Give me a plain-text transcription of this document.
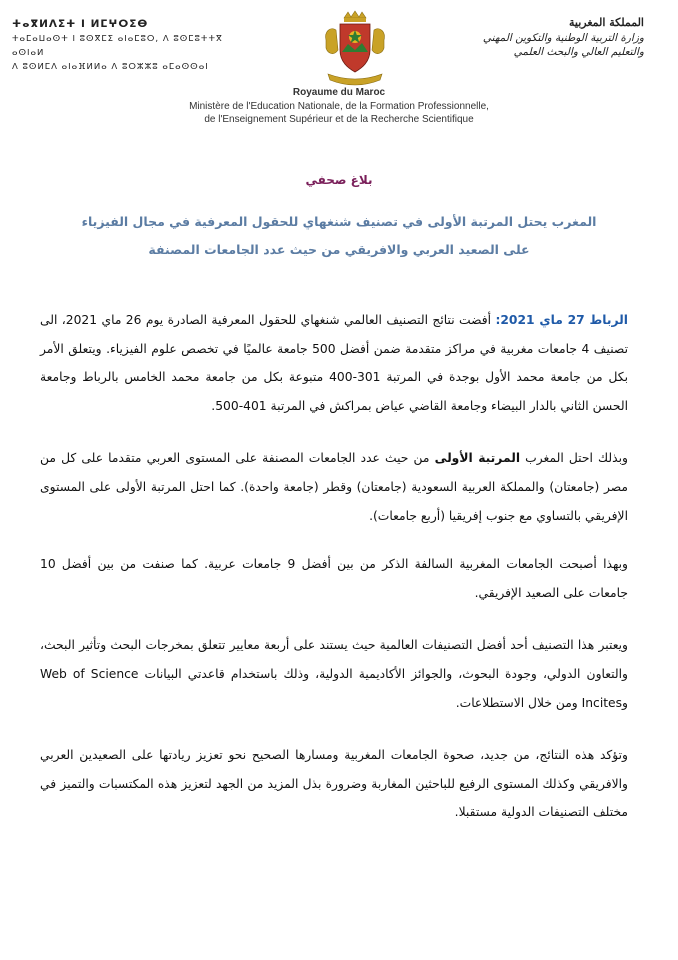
ⵜⴰⴳⵍⴷⵉⵜ ⵏ ⵍⵎⵖⵔⵉⴱ
ⵜⴰⵎⴰⵡⴰⵙⵜ ⵏ ⵓⵙⴳⵎⵉ ⴰⵏⴰⵎⵓⵔ, ⴷ ⵓⵙⵎⵓⵜⵜⴳ ⴰⵙⵏⴰⵍ
ⴷ ⵓⵙⵍⵎⴷ ⴰⵏⴰⴼⵍⵍⴰ ⴷ ⵓⵔⵣⵣⵓ ⴰⵎⴰⵙⵙⴰⵏ
المملكة المغربية
وزارة التربية الوطنية والتكوين المهني
والتعليم العالي والبحث العلمي
Royaume du Maroc
Ministère de l'Education Nationale, de la Formation Professionnelle,
de l'Enseignement Supérieur et de la Recherche Scientifique
بلاغ صحفي
المغرب يحتل المرتبة الأولى في تصنيف شنغهاي للحقول المعرفية في مجال الفيزياء
على الصعيد العربي والافريقي من حيث عدد الجامعات المصنفة

الرباط 27 ماي 2021: أفضت نتائج التصنيف العالمي شنغهاي للحقول المعرفية الصادرة يوم 26 ماي 2021، الى تصنيف 4 جامعات مغربية في مراكز متقدمة ضمن أفضل 500 جامعة عالميًا في تخصص علوم الفيزياء. ويتعلق الأمر بكل من جامعة محمد الأول بوجدة في المرتبة 301-400 متبوعة بكل من جامعة محمد الخامس بالرباط وجامعة الحسن الثاني بالدار البيضاء وجامعة القاضي عياض بمراكش في المرتبة 401-500.

وبذلك احتل المغرب المرتبة الأولى من حيث عدد الجامعات المصنفة على المستوى العربي متقدما على كل من مصر (جامعتان) والمملكة العربية السعودية (جامعتان) وقطر (جامعة واحدة). كما احتل المرتبة الأولى على المستوى الإفريقي بالتساوي مع جنوب إفريقيا (أربع جامعات).

وبهذا أصبحت الجامعات المغربية السالفة الذكر من بين أفضل 9 جامعات عربية. كما صنفت من بين أفضل 10 جامعات على الصعيد الإفريقي.

ويعتبر هذا التصنيف أحد أفضل التصنيفات العالمية حيث يستند على أربعة معايير تتعلق بمخرجات البحث وتأثير البحث، والتعاون الدولي، وجودة البحوث، والجوائز الأكاديمية الدولية، وذلك باستخدام قاعدتي البيانات Web of Science وIncites ومن خلال الاستطلاعات.

وتؤكد هذه النتائج، من جديد، صحوة الجامعات المغربية ومسارها الصحيح نحو تعزيز ريادتها على الصعيدين العربي والافريقي وكذلك المستوى الرفيع للباحثين المغاربة وضرورة بذل المزيد من الجهد لتعزيز هذه المكتسبات والتميز في مختلف التصنيفات الدولية مستقبلا.
